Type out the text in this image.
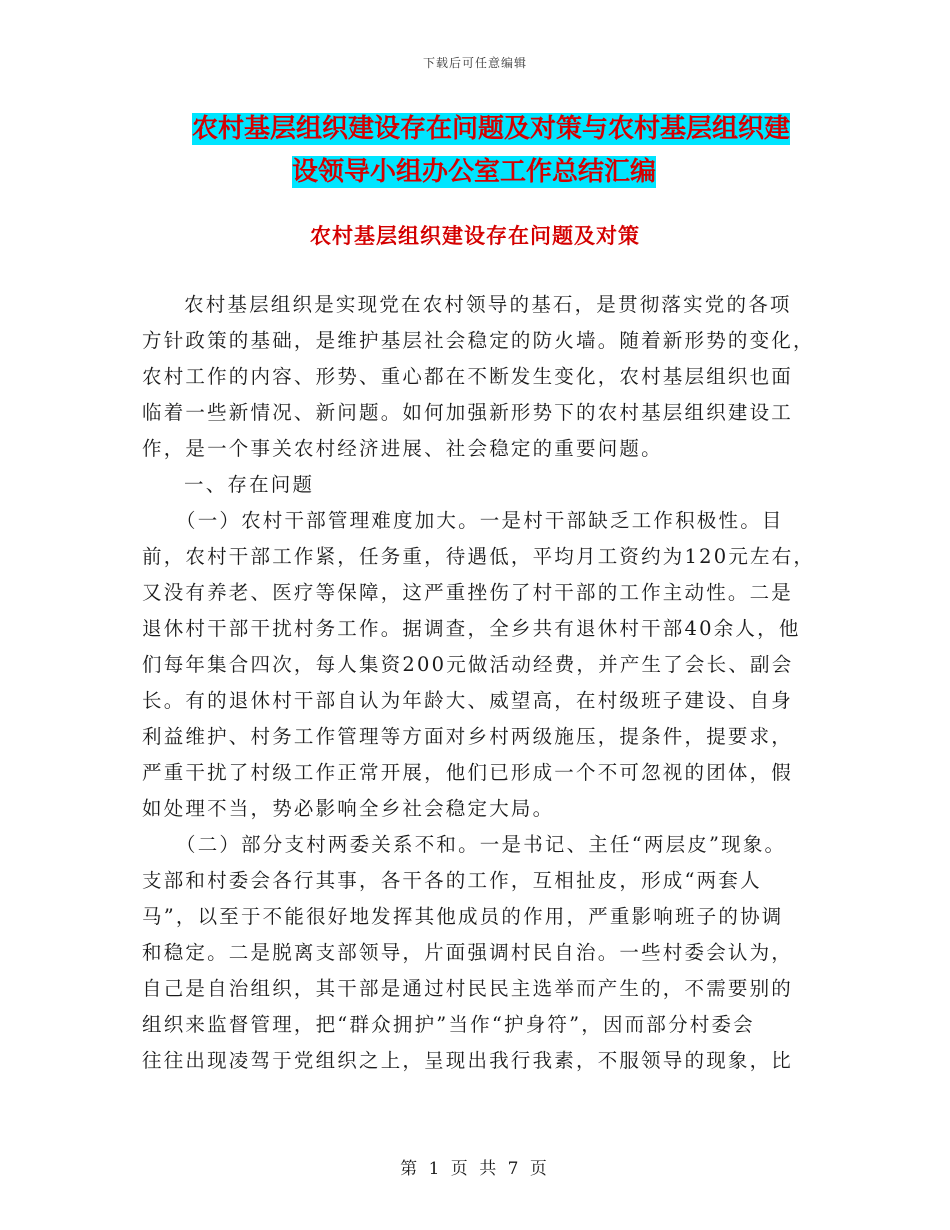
下载后可任意编辑
农村基层组织建设存在问题及对策与农村基层组织建
设领导小组办公室工作总结汇编
农村基层组织建设存在问题及对策
农村基层组织是实现党在农村领导的基石，是贯彻落实党的各项
方针政策的基础，是维护基层社会稳定的防火墙。随着新形势的变化，
农村工作的内容、形势、重心都在不断发生变化，农村基层组织也面
临着一些新情况、新问题。如何加强新形势下的农村基层组织建设工
作，是一个事关农村经济进展、社会稳定的重要问题。
一、存在问题
（一）农村干部管理难度加大。一是村干部缺乏工作积极性。目
前，农村干部工作紧，任务重，待遇低，平均月工资约为120元左右，
又没有养老、医疗等保障，这严重挫伤了村干部的工作主动性。二是
退休村干部干扰村务工作。据调查，全乡共有退休村干部40余人，他
们每年集合四次，每人集资200元做活动经费，并产生了会长、副会
长。有的退休村干部自认为年龄大、威望高，在村级班子建设、自身
利益维护、村务工作管理等方面对乡村两级施压，提条件，提要求，
严重干扰了村级工作正常开展，他们已形成一个不可忽视的团体，假
如处理不当，势必影响全乡社会稳定大局。
（二）部分支村两委关系不和。一是书记、主任“两层皮”现象。
支部和村委会各行其事，各干各的工作，互相扯皮，形成“两套人
马”，以至于不能很好地发挥其他成员的作用，严重影响班子的协调
和稳定。二是脱离支部领导，片面强调村民自治。一些村委会认为，
自己是自治组织，其干部是通过村民民主选举而产生的，不需要别的
组织来监督管理，把“群众拥护”当作“护身符”，因而部分村委会
往往出现凌驾于党组织之上，呈现出我行我素，不服领导的现象，比
第 1 页 共 7 页
